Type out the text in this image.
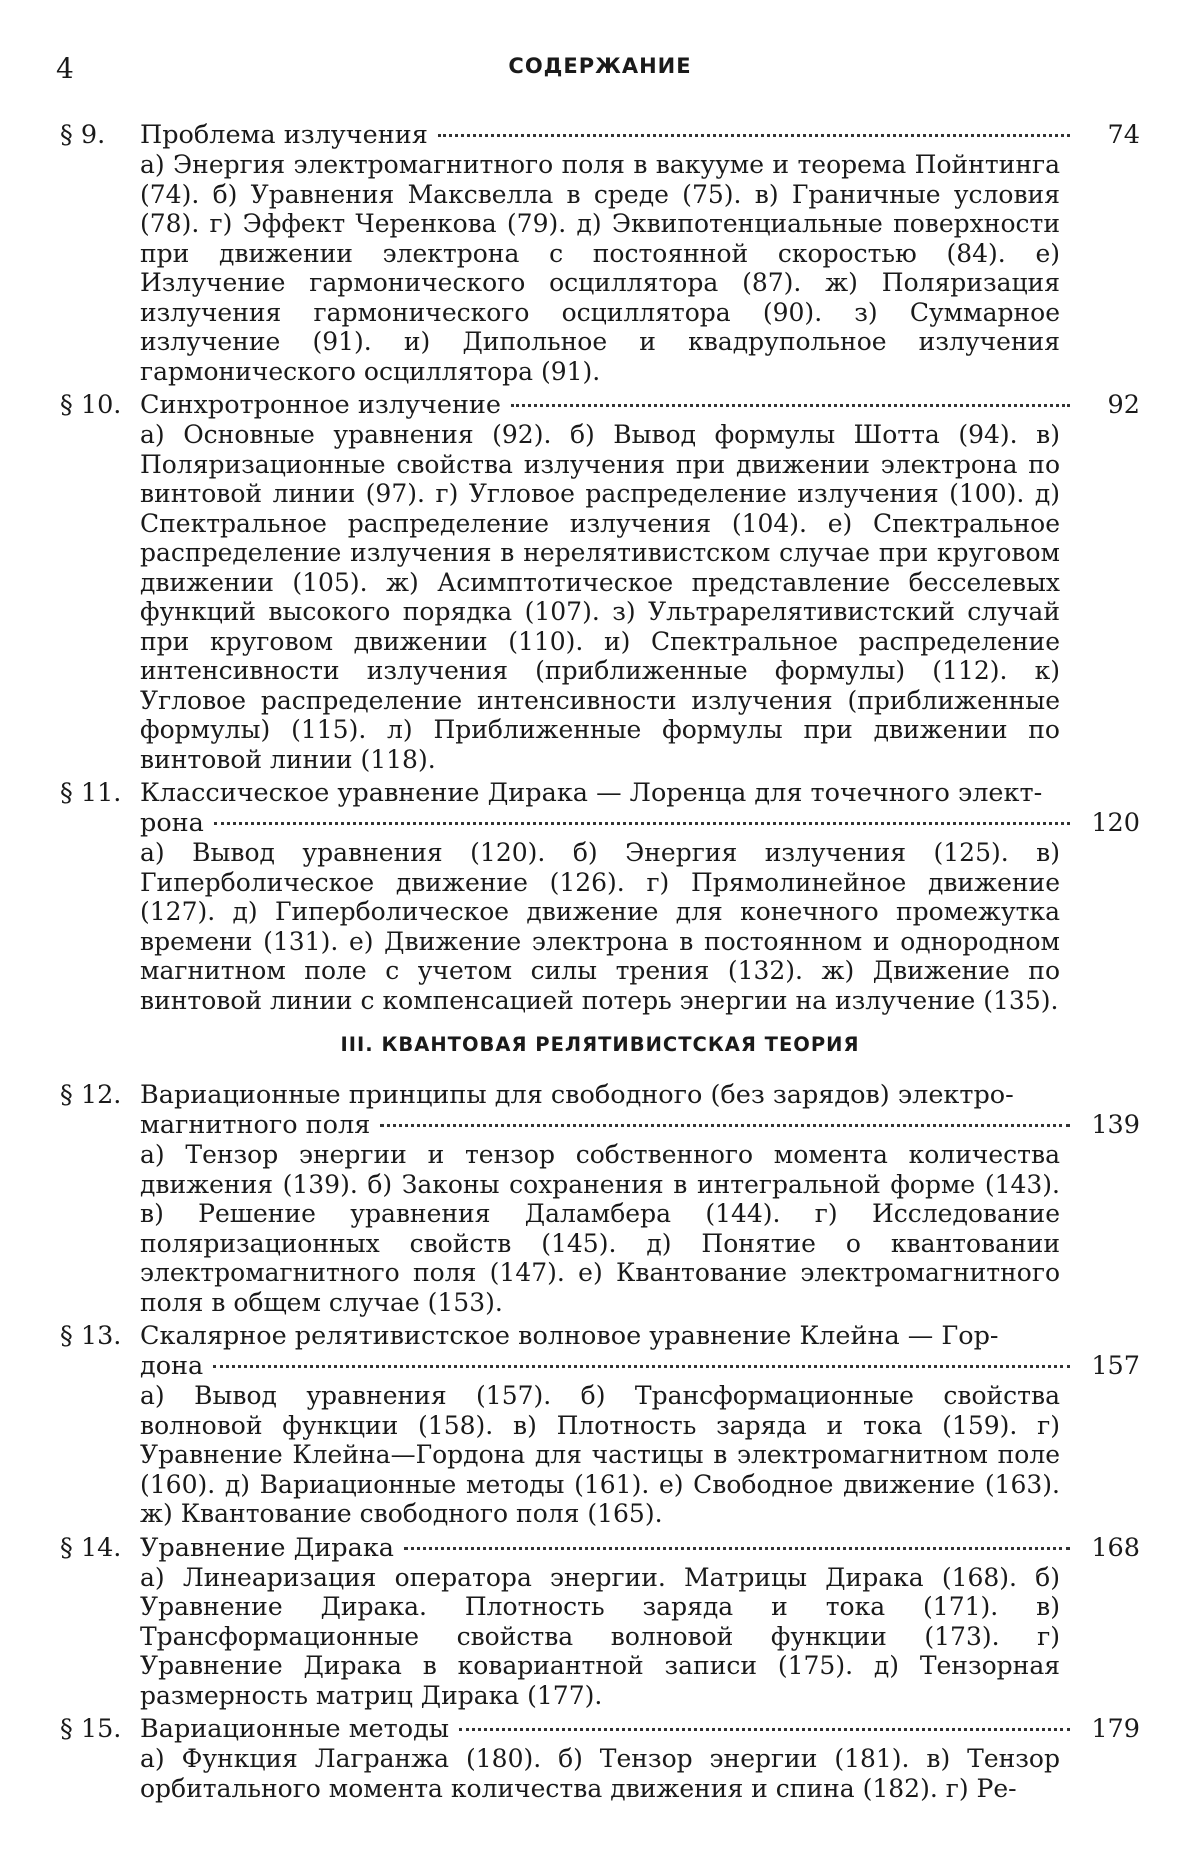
4	СОДЕРЖАНИЕ
§ 9.	Проблема излучения	74
а) Энергия электромагнитного поля в вакууме и теорема Пойнтинга (74). б) Уравнения Максвелла в среде (75). в) Граничные условия (78). г) Эффект Черенкова (79). д) Эквипотенциальные поверхности при движении электрона с постоянной скоростью (84). е) Излучение гармонического осциллятора (87). ж) Поляризация излучения гармонического осциллятора (90). з) Суммарное излучение (91). и) Дипольное и квадрупольное излучения гармонического осциллятора (91).
§ 10. Синхротронное излучение	92
а) Основные уравнения (92). б) Вывод формулы Шотта (94). в) Поляризационные свойства излучения при движении электрона по винтовой линии (97). г) Угловое распределение излучения (100). д) Спектральное распределение излучения (104). е) Спектральное распределение излучения в нерелятивистском случае при круговом движении (105). ж) Асимптотическое представление бесселевых функций высокого порядка (107). з) Ультрарелятивистский случай при круговом движении (110). и) Спектральное распределение интенсивности излучения (приближенные формулы) (112). к) Угловое распределение интенсивности излучения (приближенные формулы) (115). л) Приближенные формулы при движении по винтовой линии (118).
§ 11. Классическое уравнение Дирака — Лоренца для точечного элект-
рона	120
а) Вывод уравнения (120). б) Энергия излучения (125). в) Гиперболическое движение (126). г) Прямолинейное движение (127). д) Гиперболическое движение для конечного промежутка времени (131). е) Движение электрона в постоянном и однородном магнитном поле с учетом силы трения (132). ж) Движение по винтовой линии с компенсацией потерь энергии на излучение (135).
III. КВАНТОВАЯ РЕЛЯТИВИСТСКАЯ ТЕОРИЯ
§ 12. Вариационные принципы для свободного (без зарядов) электро-
магнитного поля	139
а) Тензор энергии и тензор собственного момента количества движения (139). б) Законы сохранения в интегральной форме (143). в) Решение уравнения Даламбера (144). г) Исследование поляризационных свойств (145). д) Понятие о квантовании электромагнитного поля (147). е) Квантование электромагнитного поля в общем случае (153).
§ 13. Скалярное релятивистское волновое уравнение Клейна — Гор-
дона	157
а) Вывод уравнения (157). б) Трансформационные свойства волновой функции (158). в) Плотность заряда и тока (159). г) Уравнение Клейна—Гордона для частицы в электромагнитном поле (160). д) Вариационные методы (161). е) Свободное движение (163). ж) Квантование свободного поля (165).
§ 14. Уравнение Дирака	168
а) Линеаризация оператора энергии. Матрицы Дирака (168). б) Уравнение Дирака. Плотность заряда и тока (171). в) Трансформационные свойства волновой функции (173). г) Уравнение Дирака в ковариантной записи (175). д) Тензорная размерность матриц Дирака (177).
§ 15. Вариационные методы	179
а) Функция Лагранжа (180). б) Тензор энергии (181). в) Тензор орбитального момента количества движения и спина (182). г) Ре-
